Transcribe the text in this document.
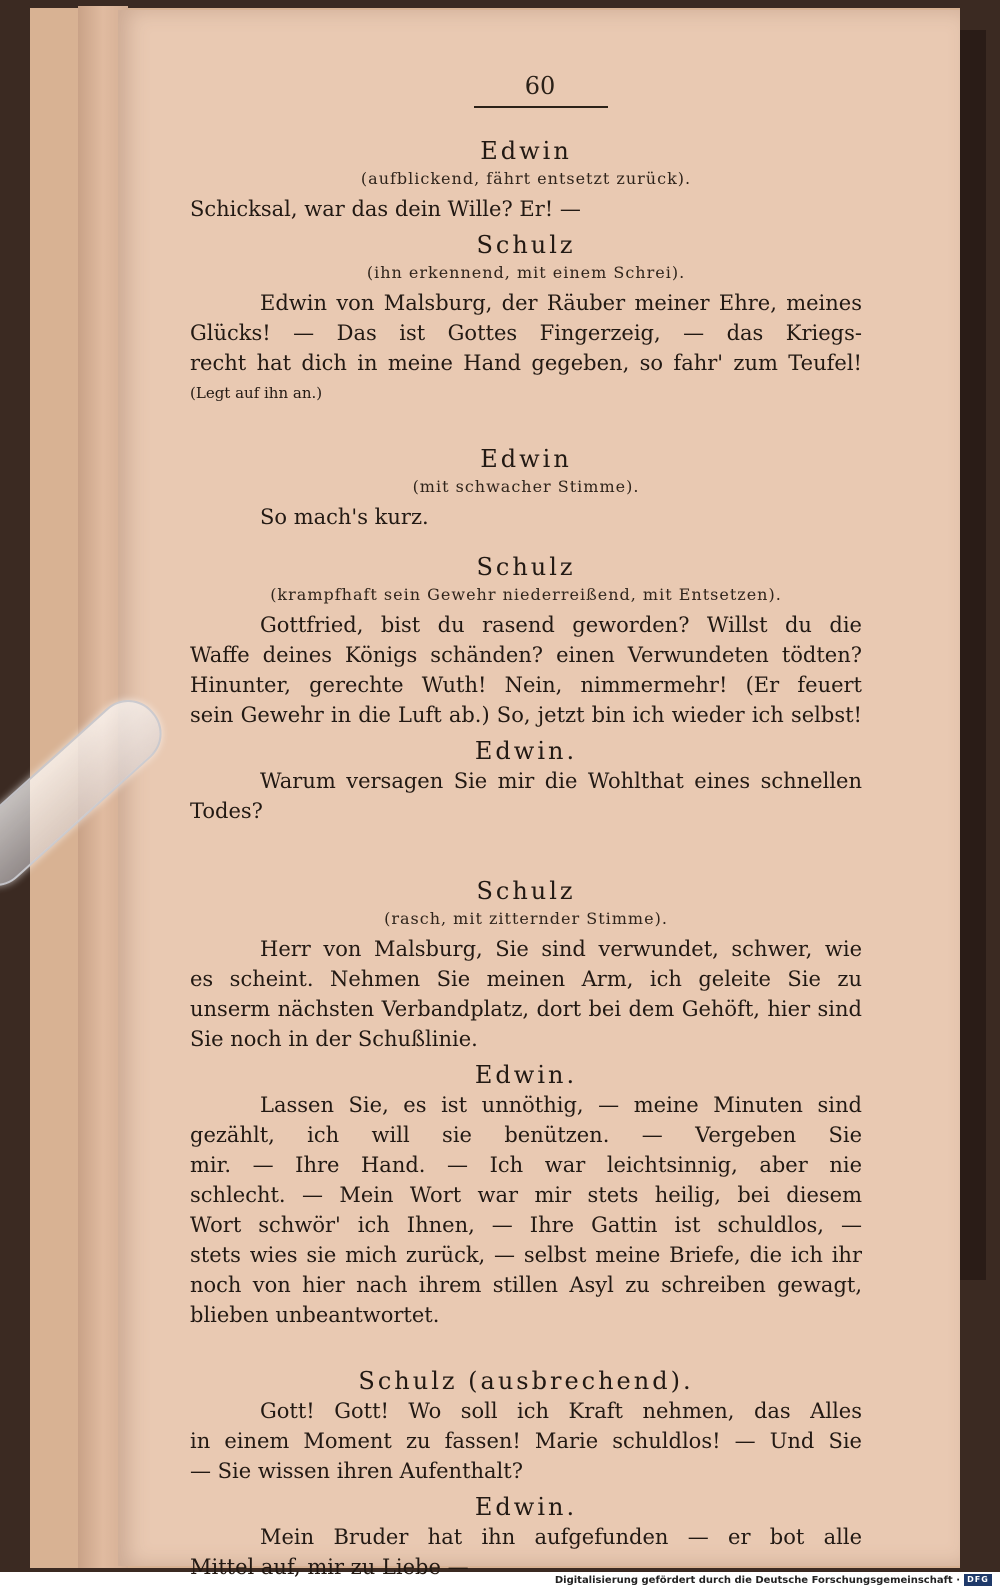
60
Edwin
(aufblickend, fährt entsetzt zurück).
Schicksal, war das dein Wille? Er! —
Schulz
(ihn erkennend, mit einem Schrei).
Edwin von Malsburg, der Räuber meiner Ehre, meines
Glücks! — Das ist Gottes Fingerzeig, — das Kriegs-
recht hat dich in meine Hand gegeben, so fahr' zum Teufel!
(Legt auf ihn an.)
Edwin
(mit schwacher Stimme).
So mach's kurz.
Schulz
(krampfhaft sein Gewehr niederreißend, mit Entsetzen).
Gottfried, bist du rasend geworden? Willst du die
Waffe deines Königs schänden? einen Verwundeten tödten?
Hinunter, gerechte Wuth! Nein, nimmermehr! (Er feuert
sein Gewehr in die Luft ab.) So, jetzt bin ich wieder ich selbst!
Edwin.
Warum versagen Sie mir die Wohlthat eines schnellen
Todes?
Schulz
(rasch, mit zitternder Stimme).
Herr von Malsburg, Sie sind verwundet, schwer, wie
es scheint. Nehmen Sie meinen Arm, ich geleite Sie zu
unserm nächsten Verbandplatz, dort bei dem Gehöft, hier sind
Sie noch in der Schußlinie.
Edwin.
Lassen Sie, es ist unnöthig, — meine Minuten sind
gezählt, ich will sie benützen. — Vergeben Sie
mir. — Ihre Hand. — Ich war leichtsinnig, aber nie
schlecht. — Mein Wort war mir stets heilig, bei diesem
Wort schwör' ich Ihnen, — Ihre Gattin ist schuldlos, —
stets wies sie mich zurück, — selbst meine Briefe, die ich ihr
noch von hier nach ihrem stillen Asyl zu schreiben gewagt,
blieben unbeantwortet.
Schulz (ausbrechend).
Gott! Gott! Wo soll ich Kraft nehmen, das Alles
in einem Moment zu fassen! Marie schuldlos! — Und Sie
— Sie wissen ihren Aufenthalt?
Edwin.
Mein Bruder hat ihn aufgefunden — er bot alle
Mittel auf, mir zu Liebe —
Digitalisierung gefördert durch die Deutsche Forschungsgemeinschaft · DFG
